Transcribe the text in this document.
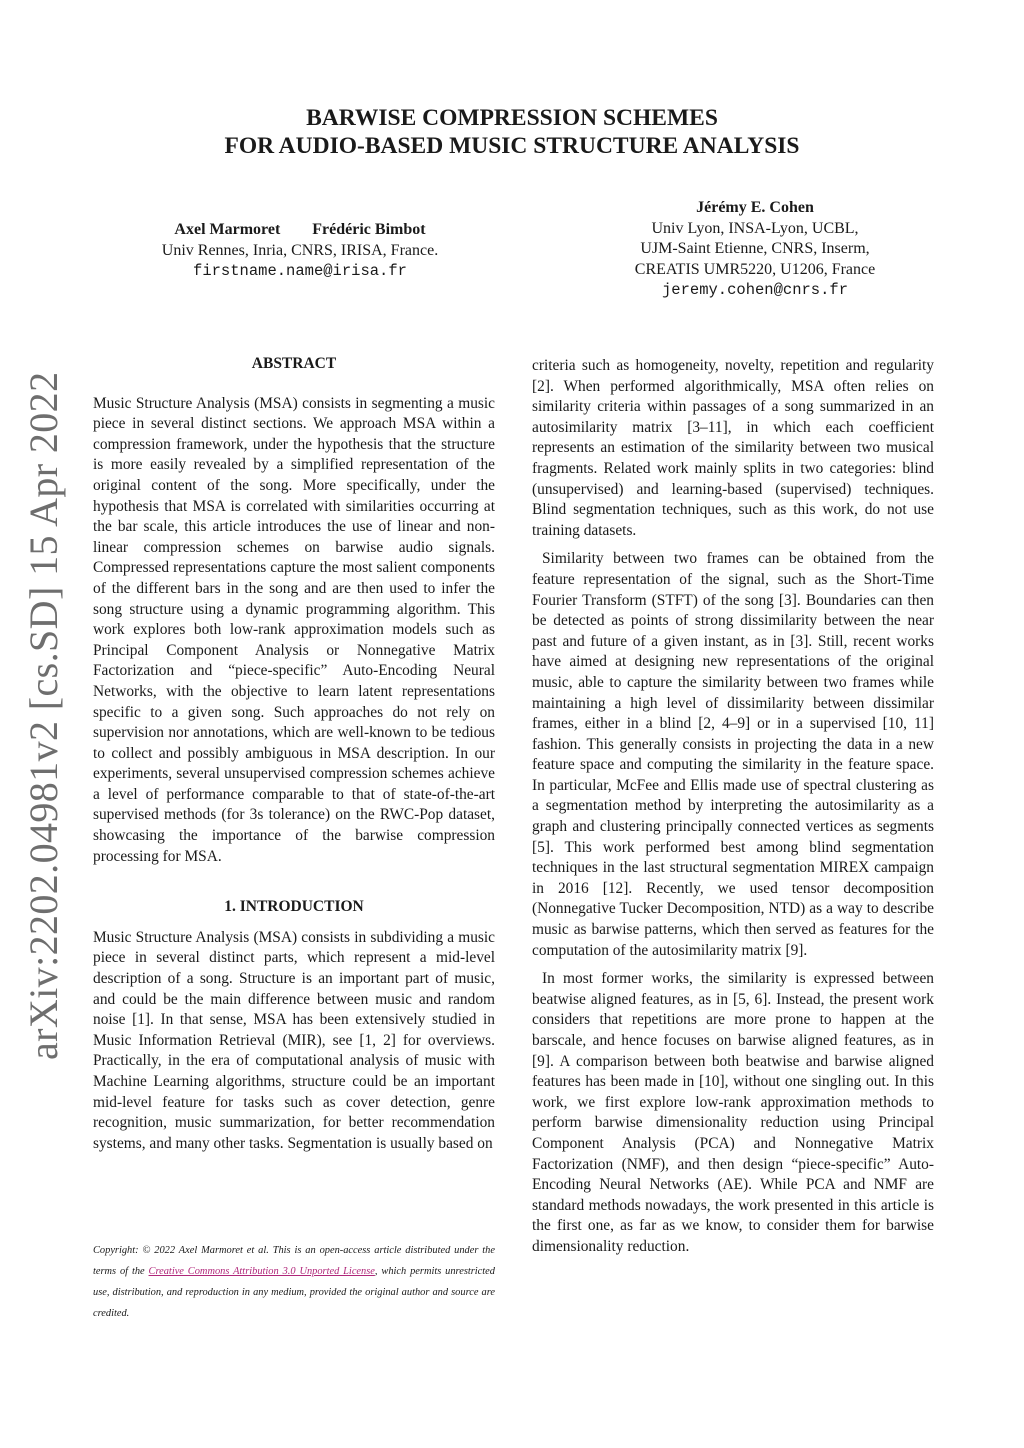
BARWISE COMPRESSION SCHEMES
FOR AUDIO-BASED MUSIC STRUCTURE ANALYSIS
Axel Marmoret Frédéric Bimbot
Univ Rennes, Inria, CNRS, IRISA, France.
firstname.name@irisa.fr
Jérémy E. Cohen
Univ Lyon, INSA-Lyon, UCBL,
UJM-Saint Etienne, CNRS, Inserm,
CREATIS UMR5220, U1206, France
jeremy.cohen@cnrs.fr
arXiv:2202.04981v2 [cs.SD] 15 Apr 2022
ABSTRACT

Music Structure Analysis (MSA) consists in segmenting a music piece in several distinct sections. We approach MSA within a compression framework, under the hypothesis that the structure is more easily revealed by a simplified representation of the original content of the song. More specifically, under the hypothesis that MSA is correlated with similarities occurring at the bar scale, this article introduces the use of linear and non-linear compression schemes on barwise audio signals. Compressed representations capture the most salient components of the different bars in the song and are then used to infer the song structure using a dynamic programming algorithm. This work explores both low-rank approximation models such as Principal Component Analysis or Nonnegative Matrix Factorization and “piece-specific” Auto-Encoding Neural Networks, with the objective to learn latent representations specific to a given song. Such approaches do not rely on supervision nor annotations, which are well-known to be tedious to collect and possibly ambiguous in MSA description. In our experiments, several unsupervised compression schemes achieve a level of performance comparable to that of state-of-the-art supervised methods (for 3s tolerance) on the RWC-Pop dataset, showcasing the importance of the barwise compression processing for MSA.

1. INTRODUCTION

Music Structure Analysis (MSA) consists in subdividing a music piece in several distinct parts, which represent a mid-level description of a song. Structure is an important part of music, and could be the main difference between music and random noise [1]. In that sense, MSA has been extensively studied in Music Information Retrieval (MIR), see [1, 2] for overviews. Practically, in the era of computational analysis of music with Machine Learning algorithms, structure could be an important mid-level feature for tasks such as cover detection, genre recognition, music summarization, for better recommendation systems, and many other tasks. Segmentation is usually based on

criteria such as homogeneity, novelty, repetition and regularity [2]. When performed algorithmically, MSA often relies on similarity criteria within passages of a song summarized in an autosimilarity matrix [3–11], in which each coefficient represents an estimation of the similarity between two musical fragments. Related work mainly splits in two categories: blind (unsupervised) and learning-based (supervised) techniques. Blind segmentation techniques, such as this work, do not use training datasets.

Similarity between two frames can be obtained from the feature representation of the signal, such as the Short-Time Fourier Transform (STFT) of the song [3]. Boundaries can then be detected as points of strong dissimilarity between the near past and future of a given instant, as in [3]. Still, recent works have aimed at designing new representations of the original music, able to capture the similarity between two frames while maintaining a high level of dissimilarity between dissimilar frames, either in a blind [2, 4–9] or in a supervised [10, 11] fashion. This generally consists in projecting the data in a new feature space and computing the similarity in the feature space. In particular, McFee and Ellis made use of spectral clustering as a segmentation method by interpreting the autosimilarity as a graph and clustering principally connected vertices as segments [5]. This work performed best among blind segmentation techniques in the last structural segmentation MIREX campaign in 2016 [12]. Recently, we used tensor decomposition (Nonnegative Tucker Decomposition, NTD) as a way to describe music as barwise patterns, which then served as features for the computation of the autosimilarity matrix [9].

In most former works, the similarity is expressed between beatwise aligned features, as in [5, 6]. Instead, the present work considers that repetitions are more prone to happen at the barscale, and hence focuses on barwise aligned features, as in [9]. A comparison between both beatwise and barwise aligned features has been made in [10], without one singling out. In this work, we first explore low-rank approximation methods to perform barwise dimensionality reduction using Principal Component Analysis (PCA) and Nonnegative Matrix Factorization (NMF), and then design “piece-specific” Auto-Encoding Neural Networks (AE). While PCA and NMF are standard methods nowadays, the work presented in this article is the first one, as far as we know, to consider them for barwise dimensionality reduction.

Copyright: © 2022 Axel Marmoret et al. This is an open-access article distributed under the terms of the Creative Commons Attribution 3.0 Unported License, which permits unrestricted use, distribution, and reproduction in any medium, provided the original author and source are credited.
